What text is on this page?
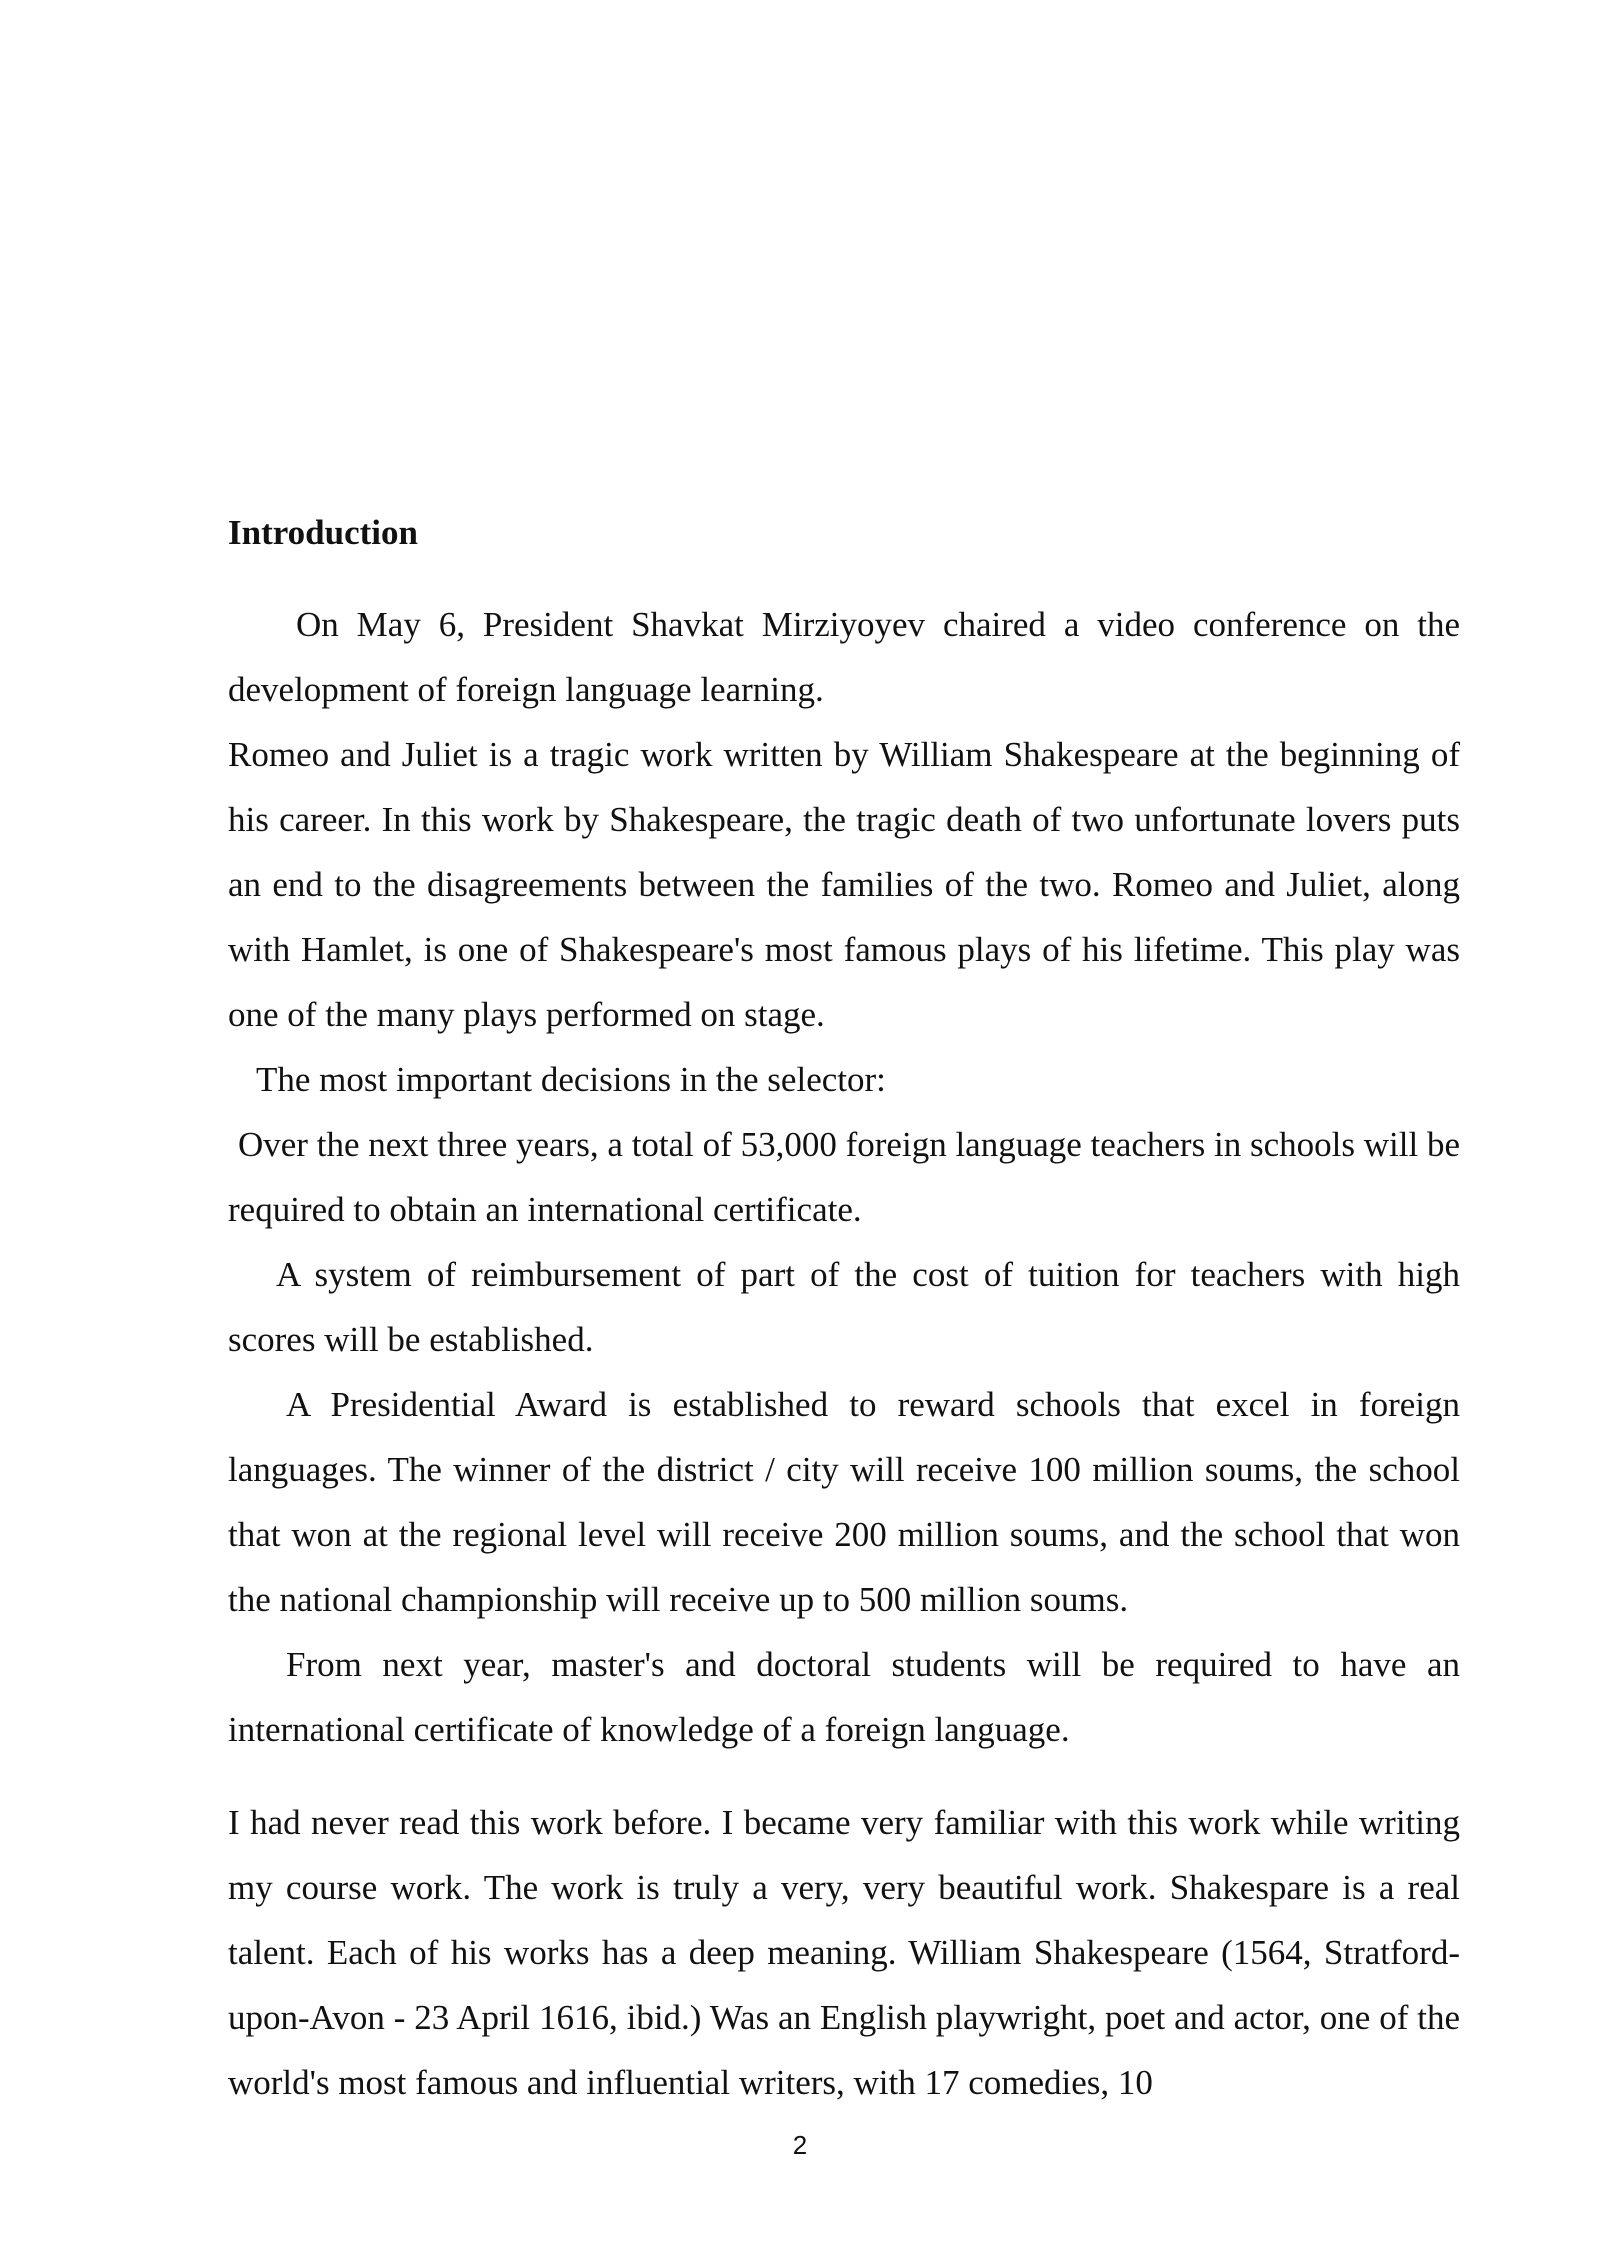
Introduction

On May 6, President Shavkat Mirziyoyev chaired a video conference on the development of foreign language learning.

Romeo and Juliet is a tragic work written by William Shakespeare at the beginning of his career. In this work by Shakespeare, the tragic death of two unfortunate lovers puts an end to the disagreements between the families of the two. Romeo and Juliet, along with Hamlet, is one of Shakespeare's most famous plays of his lifetime. This play was one of the many plays performed on stage.

The most important decisions in the selector:

Over the next three years, a total of 53,000 foreign language teachers in schools will be required to obtain an international certificate.

A system of reimbursement of part of the cost of tuition for teachers with high scores will be established.

A Presidential Award is established to reward schools that excel in foreign languages. The winner of the district / city will receive 100 million soums, the school that won at the regional level will receive 200 million soums, and the school that won the national championship will receive up to 500 million soums.

From next year, master's and doctoral students will be required to have an international certificate of knowledge of a foreign language.

I had never read this work before. I became very familiar with this work while writing my course work. The work is truly a very, very beautiful work. Shakespare is a real talent. Each of his works has a deep meaning. William Shakespeare (1564, Stratford-upon-Avon - 23 April 1616, ibid.) Was an English playwright, poet and actor, one of the world's most famous and influential writers, with 17 comedies, 10

2
